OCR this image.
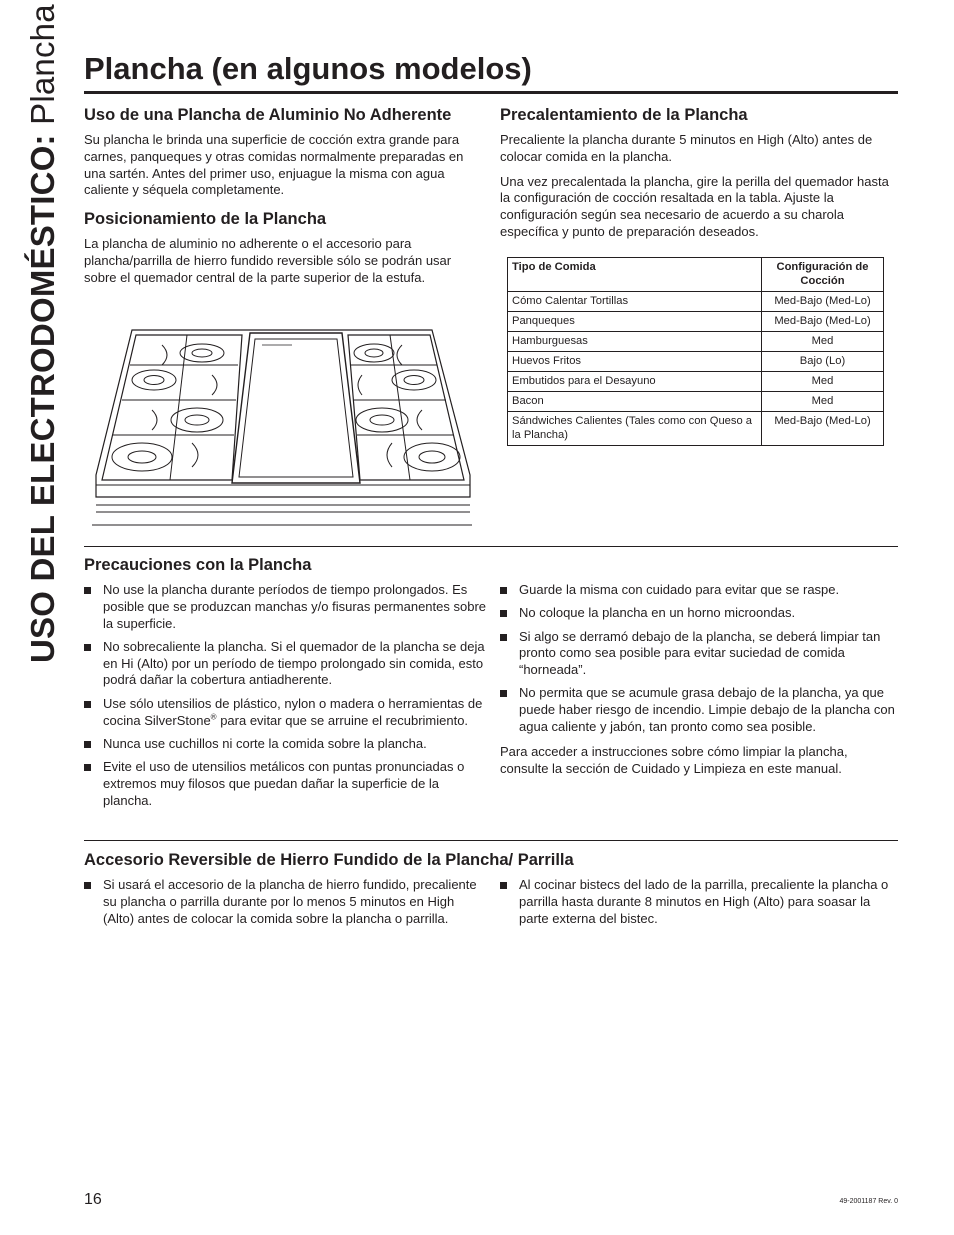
USO DEL ELECTRODOMÉSTICO: Plancha Plancha (en algunos modelos)
Uso de una Plancha de Aluminio No Adherente

Su plancha le brinda una superficie de cocción extra grande para carnes, panqueques y otras comidas normalmente preparadas en una sartén. Antes del primer uso, enjuague la misma con agua caliente y séquela completamente.

Posicionamiento de la Plancha

La plancha de aluminio no adherente o el accesorio para plancha/parrilla de hierro fundido reversible sólo se podrán usar sobre el quemador central de la parte superior de la estufa.

Precalentamiento de la Plancha

Precaliente la plancha durante 5 minutos en High (Alto) antes de colocar comida en la plancha.

Una vez precalentada la plancha, gire la perilla del quemador hasta la configuración de cocción resaltada en la tabla. Ajuste la configuración según sea necesario de acuerdo a su charola específica y punto de preparación deseados.

Tipo de Comida	Configuración de Cocción
Cómo Calentar Tortillas	Med-Bajo (Med-Lo)
Panqueques	Med-Bajo (Med-Lo)
Hamburguesas	Med
Huevos Fritos	Bajo (Lo)
Embutidos para el Desayuno	Med
Bacon	Med
Sándwiches Calientes (Tales como con Queso a la Plancha)	Med-Bajo (Med-Lo)
Precauciones con la Plancha
No use la plancha durante períodos de tiempo prolongados. Es posible que se produzcan manchas y/o fisuras permanentes sobre la superficie.
No sobrecaliente la plancha. Si el quemador de la plancha se deja en Hi (Alto) por un período de tiempo prolongado sin comida, esto podrá dañar la cobertura antiadherente.
Use sólo utensilios de plástico, nylon o madera o herramientas de cocina SilverStone® para evitar que se arruine el recubrimiento.
Nunca use cuchillos ni corte la comida sobre la plancha.
Evite el uso de utensilios metálicos con puntas pronunciadas o extremos muy filosos que puedan dañar la superficie de la plancha.
Guarde la misma con cuidado para evitar que se raspe.
No coloque la plancha en un horno microondas.
Si algo se derramó debajo de la plancha, se deberá limpiar tan pronto como sea posible para evitar suciedad de comida “horneada”.
No permita que se acumule grasa debajo de la plancha, ya que puede haber riesgo de incendio. Limpie debajo de la plancha con agua caliente y jabón, tan pronto como sea posible.

Para acceder a instrucciones sobre cómo limpiar la plancha, consulte la sección de Cuidado y Limpieza en este manual.

Accesorio Reversible de Hierro Fundido de la Plancha/ Parrilla
Si usará el accesorio de la plancha de hierro fundido, precaliente su plancha o parrilla durante por lo menos 5 minutos en High (Alto) antes de colocar la comida sobre la plancha o parrilla.
Al cocinar bistecs del lado de la parrilla, precaliente la plancha o parrilla hasta durante 8 minutos en High (Alto) para soasar la parte externa del bistec.
16	49-2001187 Rev. 0
